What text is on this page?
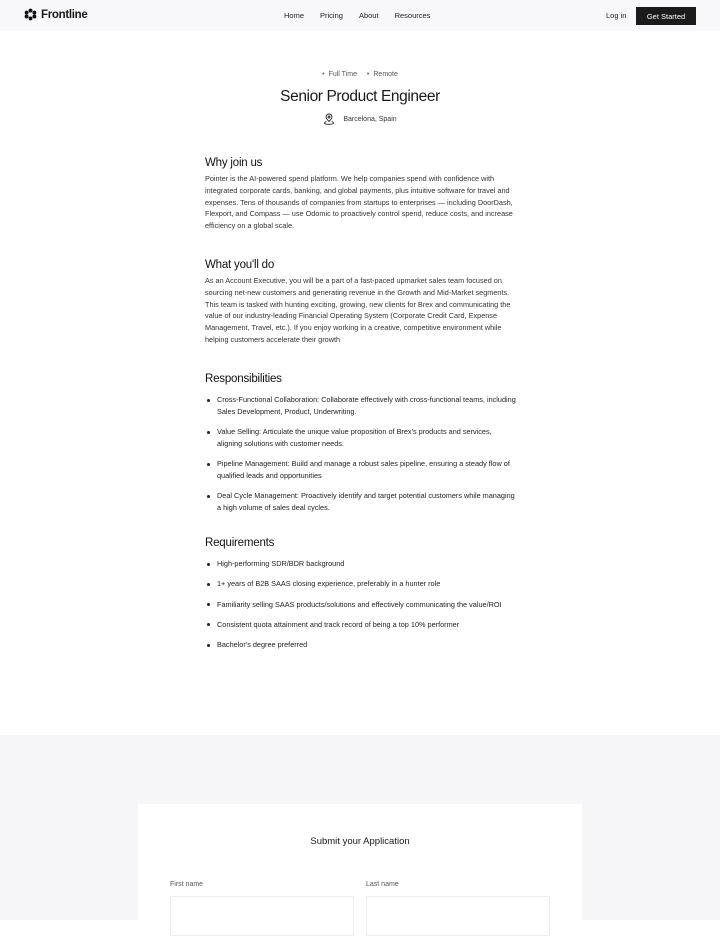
Frontline	Home Pricing About Resources	Log in	Get Started
• Full Time • Remote
Senior Product Engineer
Barcelona, Spain
Why join us

Pointer is the AI-powered spend platform. We help companies spend with confidence with integrated corporate cards, banking, and global payments, plus intuitive software for travel and expenses. Tens of thousands of companies from startups to enterprises — including DoorDash, Flexport, and Compass — use Odomic to proactively control spend, reduce costs, and increase efficiency on a global scale.

What you'll do

As an Account Executive, you will be a part of a fast-paced upmarket sales team focused on sourcing net-new customers and generating revenue in the Growth and Mid-Market segments. This team is tasked with hunting exciting, growing, new clients for Brex and communicating the value of our industry-leading Financial Operating System (Corporate Credit Card, Expense Management, Travel, etc.). If you enjoy working in a creative, competitive environment while helping customers accelerate their growth

Responsibilities
Cross-Functional Collaboration: Collaborate effectively with cross-functional teams, including Sales Development, Product, Underwriting.
Value Selling: Articulate the unique value proposition of Brex's products and services, aligning solutions with customer needs.
Pipeline Management: Build and manage a robust sales pipeline, ensuring a steady flow of qualified leads and opportunities
Deal Cycle Management: Proactively identify and target potential customers while managing a high volume of sales deal cycles.
Requirements
High-performing SDR/BDR background
1+ years of B2B SAAS closing experience, preferably in a hunter role
Familiarity selling SAAS products/solutions and effectively communicating the value/ROI
Consistent quota attainment and track record of being a top 10% performer
Bachelor's degree preferred
Submit your Application
First name	Last name
